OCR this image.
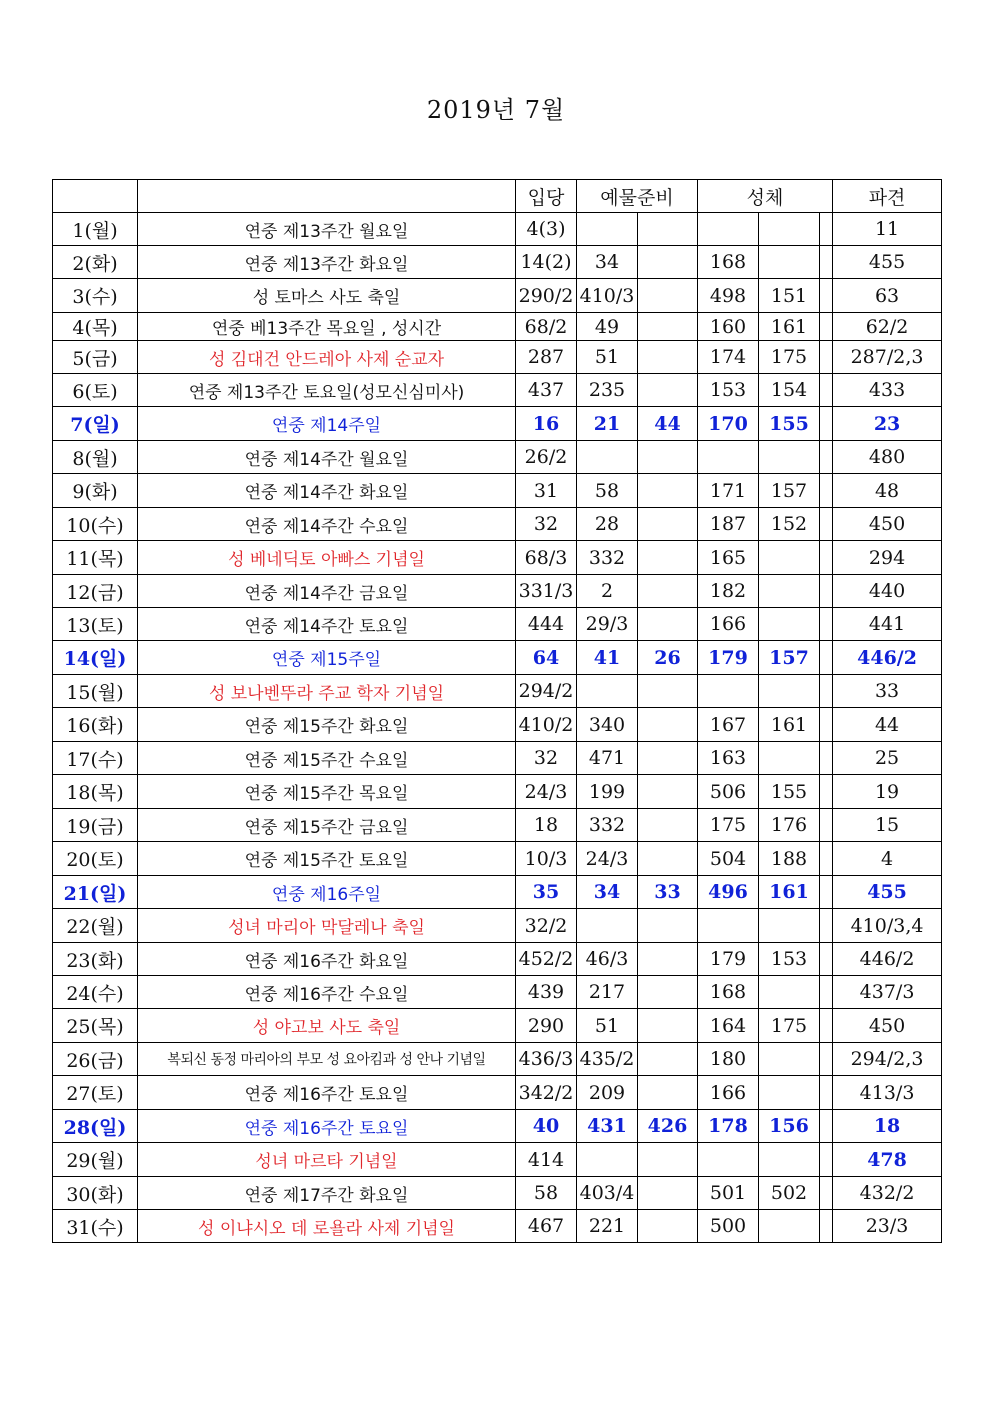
2019년 7월
		입당	예물준비		성체			파견
1(월)	연중 제13주간 월요일	4(3)						11
2(화)	연중 제13주간 화요일	14(2)	34		168			455
3(수)	성 토마스 사도 축일	290/2	410/3		498	151		63
4(목)	연중 베13주간 목요일 , 성시간	68/2	49		160	161		62/2
5(금)	성 김대건 안드레아 사제 순교자	287	51		174	175		287/2,3
6(토)	연중 제13주간 토요일(성모신심미사)	437	235		153	154		433
7(일)	연중 제14주일	16	21	44	170	155		23
8(월)	연중 제14주간 월요일	26/2						480
9(화)	연중 제14주간 화요일	31	58		171	157		48
10(수)	연중 제14주간 수요일	32	28		187	152		450
11(목)	성 베네딕토 아빠스 기념일	68/3	332		165			294
12(금)	연중 제14주간 금요일	331/3	2		182			440
13(토)	연중 제14주간 토요일	444	29/3		166			441
14(일)	연중 제15주일	64	41	26	179	157		446/2
15(월)	성 보나벤뚜라 주교 학자 기념일	294/2						33
16(화)	연중 제15주간 화요일	410/2	340		167	161		44
17(수)	연중 제15주간 수요일	32	471		163			25
18(목)	연중 제15주간 목요일	24/3	199		506	155		19
19(금)	연중 제15주간 금요일	18	332		175	176		15
20(토)	연중 제15주간 토요일	10/3	24/3		504	188		4
21(일)	연중 제16주일	35	34	33	496	161		455
22(월)	성녀 마리아 막달레나 축일	32/2						410/3,4
23(화)	연중 제16주간 화요일	452/2	46/3		179	153		446/2
24(수)	연중 제16주간 수요일	439	217		168			437/3
25(목)	성 야고보 사도 축일	290	51		164	175		450
26(금)	복되신 동정 마리아의 부모 성 요아킴과 성 안나 기념일	436/3	435/2		180			294/2,3
27(토)	연중 제16주간 토요일	342/2	209		166			413/3
28(일)	연중 제16주간 토요일	40	431	426	178	156		18
29(월)	성녀 마르타 기념일	414						478
30(화)	연중 제17주간 화요일	58	403/4		501	502		432/2
31(수)	성 이냐시오 데 로욜라 사제 기념일	467	221		500			23/3
